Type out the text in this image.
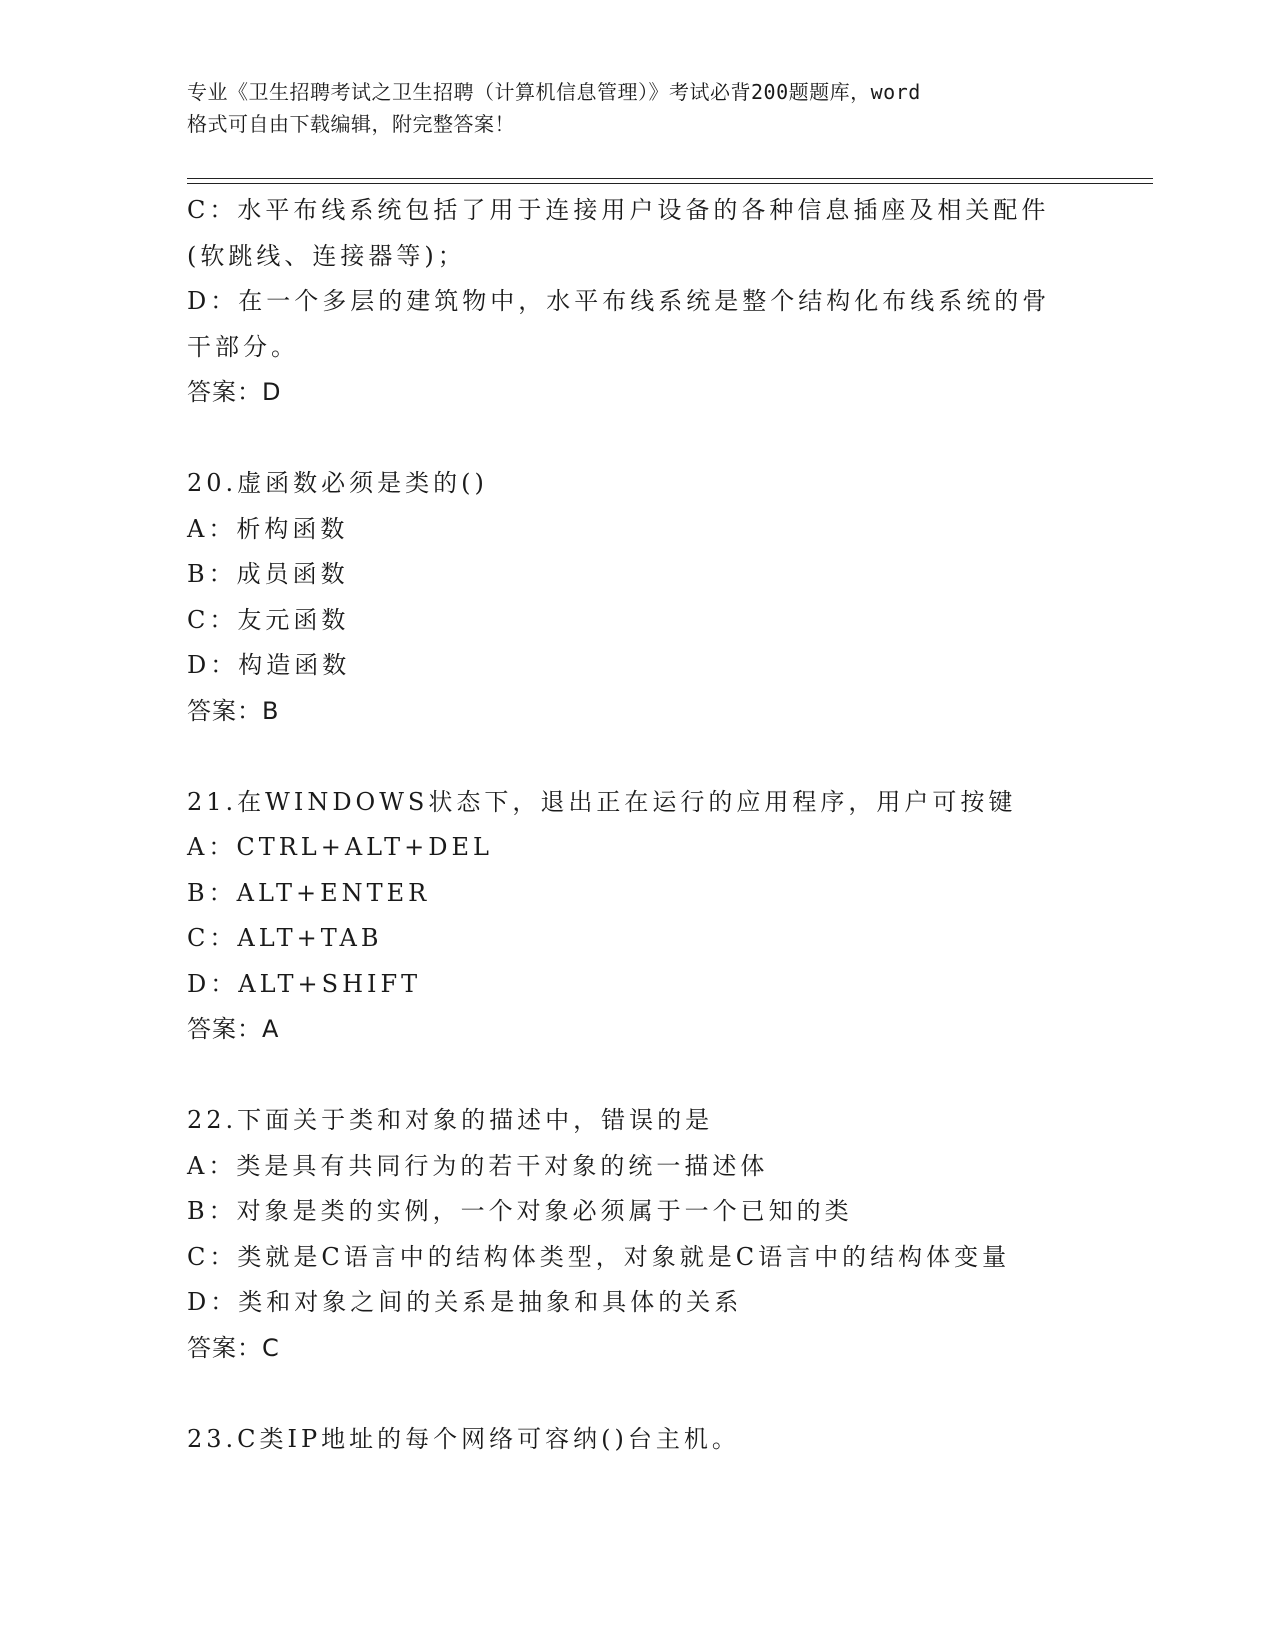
专业《卫生招聘考试之卫生招聘（计算机信息管理）》考试必背200题题库，word
格式可自由下载编辑，附完整答案！
C：水平布线系统包括了用于连接用户设备的各种信息插座及相关配件
(软跳线、连接器等)；
D：在一个多层的建筑物中，水平布线系统是整个结构化布线系统的骨
干部分。
答案：D
20.虚函数必须是类的()
A：析构函数
B：成员函数
C：友元函数
D：构造函数
答案：B
21.在WINDOWS状态下，退出正在运行的应用程序，用户可按键
A：CTRL+ALT+DEL
B：ALT+ENTER
C：ALT+TAB
D：ALT+SHIFT
答案：A
22.下面关于类和对象的描述中，错误的是
A：类是具有共同行为的若干对象的统一描述体
B：对象是类的实例，一个对象必须属于一个已知的类
C：类就是C语言中的结构体类型，对象就是C语言中的结构体变量
D：类和对象之间的关系是抽象和具体的关系
答案：C
23.C类IP地址的每个网络可容纳()台主机。
